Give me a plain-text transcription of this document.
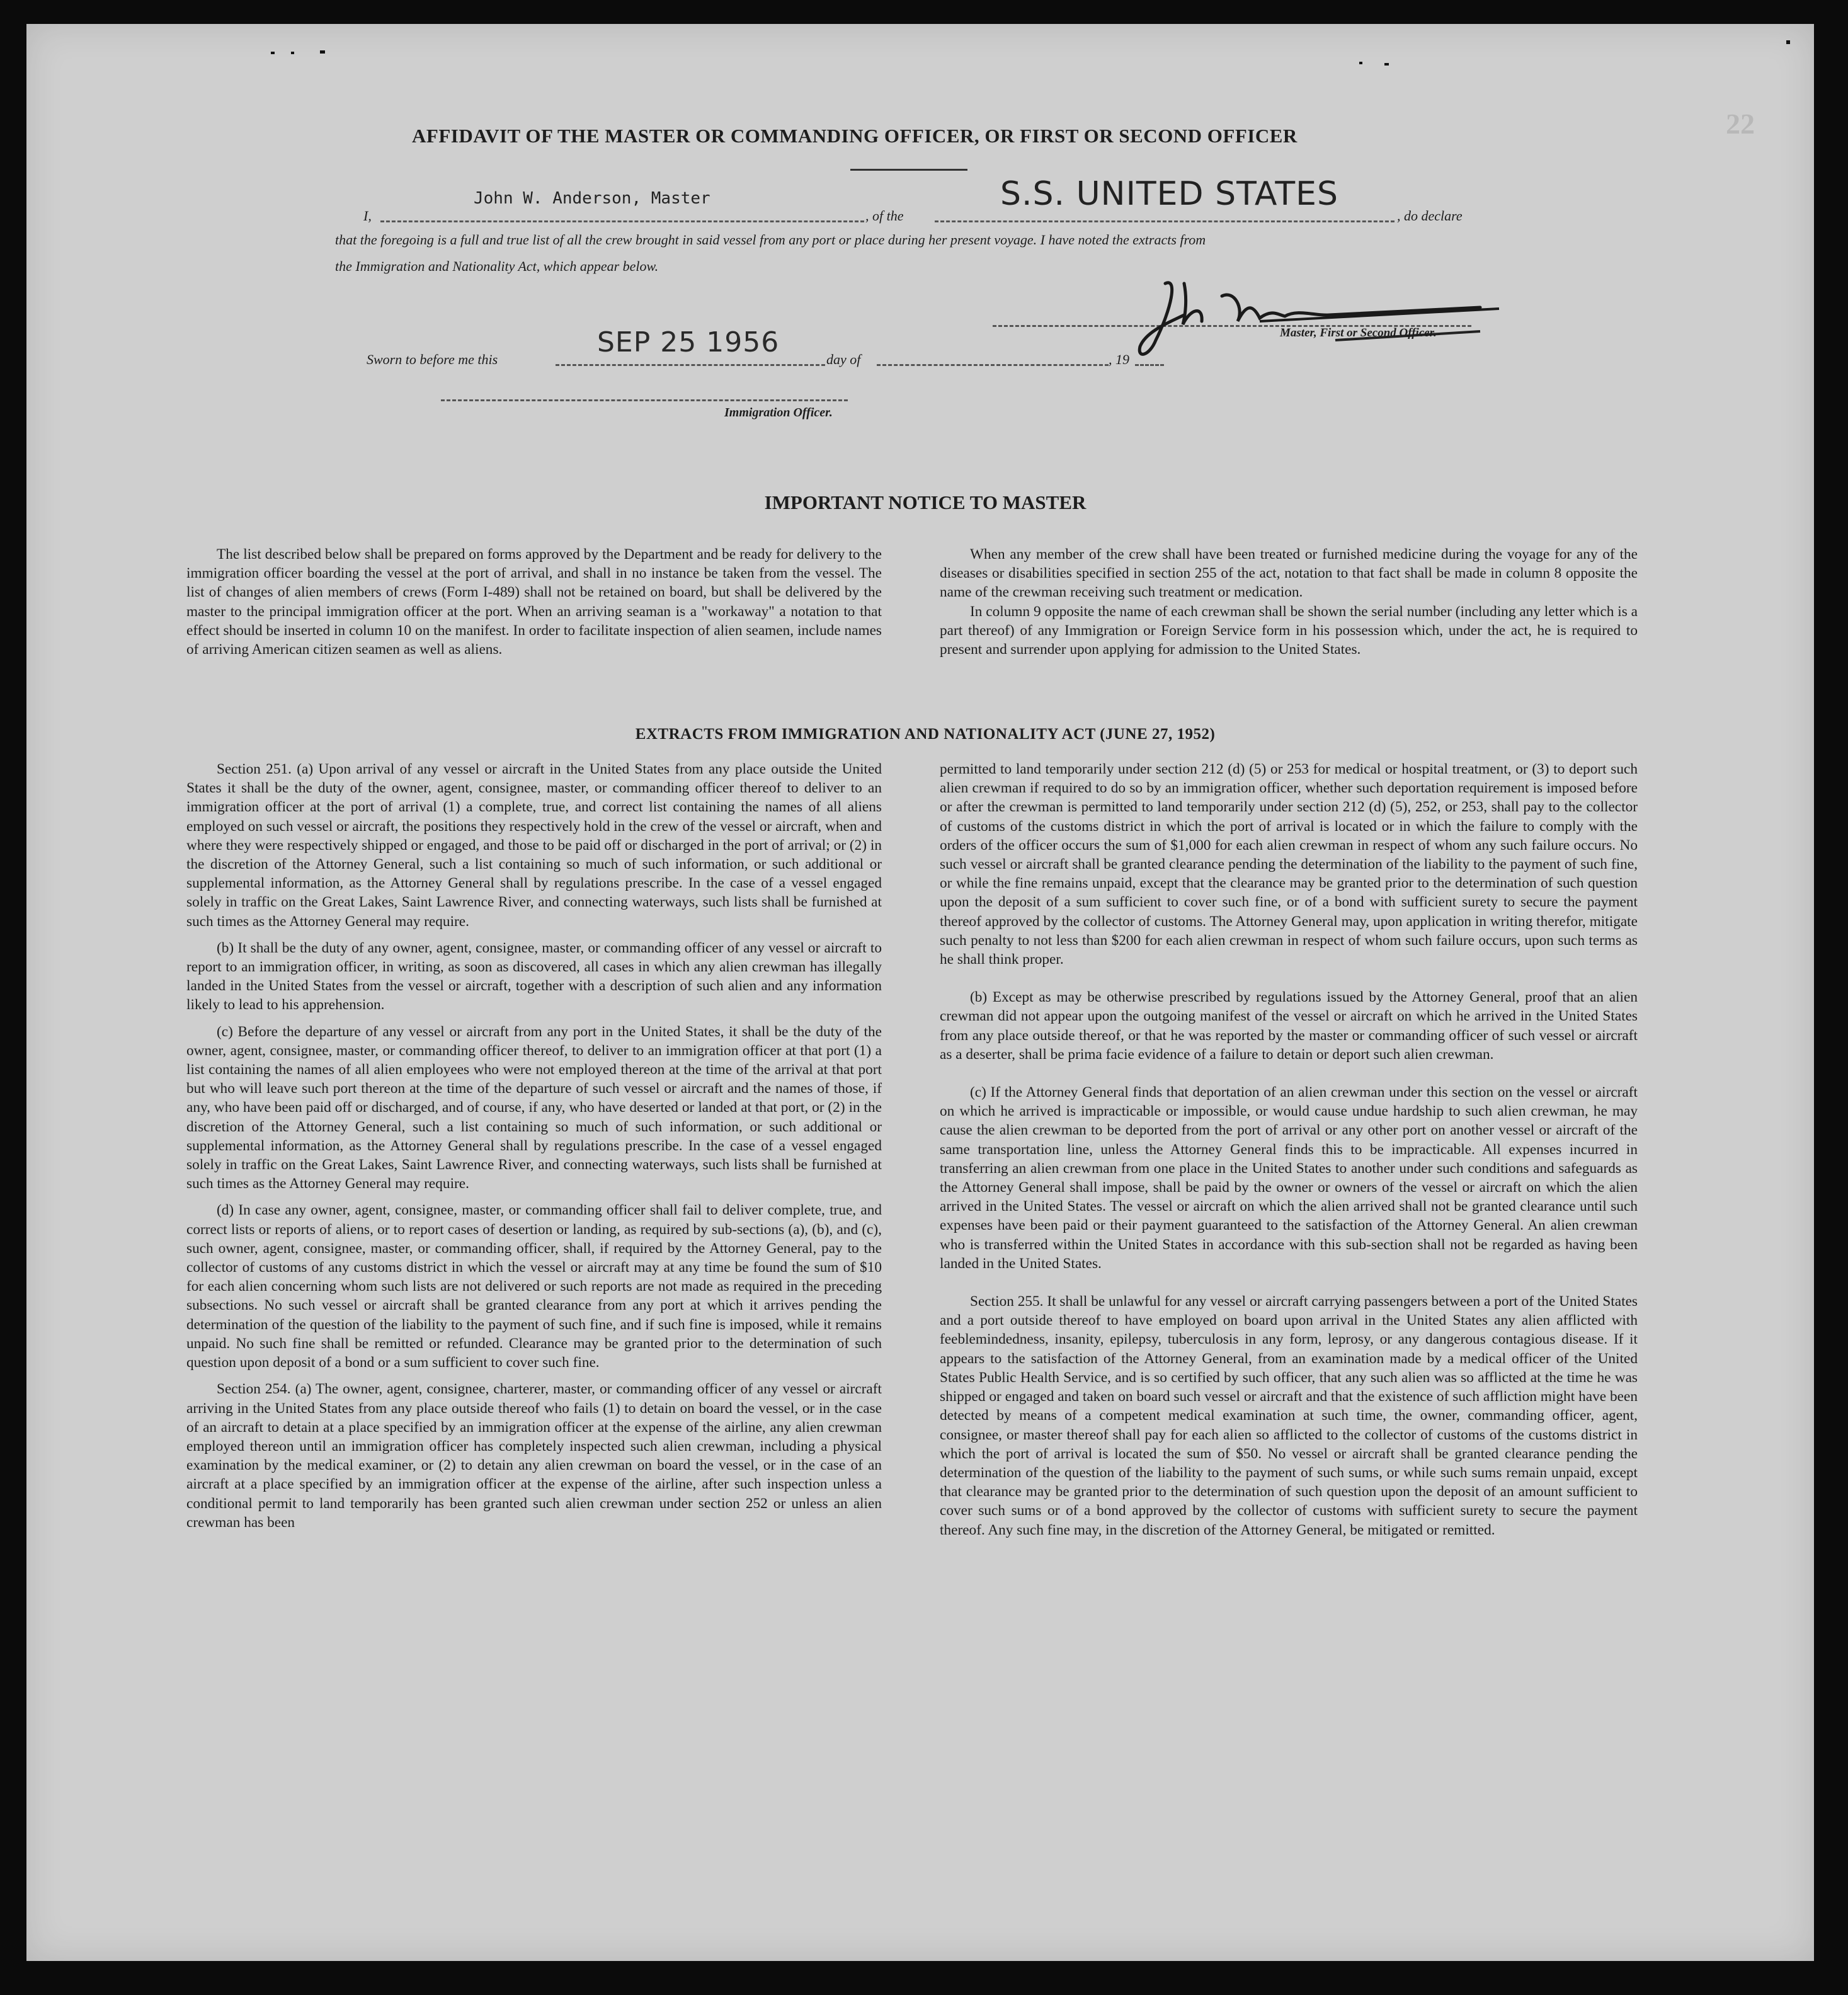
22
AFFIDAVIT OF THE MASTER OR COMMANDING OFFICER, OR FIRST OR SECOND OFFICER
I,
John W. Anderson, Master
, of the
S.S. UNITED STATES
, do declare
that the foregoing is a full and true list of all the crew brought in said vessel from any port or place during her present voyage. I have noted the extracts from
the Immigration and Nationality Act, which appear below.
Master, First or Second Officer.
Sworn to before me this
SEP 25 1956
day of	, 19
Immigration Officer.
IMPORTANT NOTICE TO MASTER

The list described below shall be prepared on forms approved by the Department and be ready for delivery to the immigration officer boarding the vessel at the port of arrival, and shall in no instance be taken from the vessel. The list of changes of alien members of crews (Form I-489) shall not be retained on board, but shall be delivered by the master to the principal immigration officer at the port. When an arriving seaman is a "workaway" a notation to that effect should be inserted in column 10 on the manifest. In order to facilitate inspection of alien seamen, include names of arriving American citizen seamen as well as aliens.

When any member of the crew shall have been treated or furnished medicine during the voyage for any of the diseases or disabilities specified in section 255 of the act, notation to that fact shall be made in column 8 opposite the name of the crewman receiving such treatment or medication.

In column 9 opposite the name of each crewman shall be shown the serial number (including any letter which is a part thereof) of any Immigration or Foreign Service form in his possession which, under the act, he is required to present and surrender upon applying for admission to the United States.

EXTRACTS FROM IMMIGRATION AND NATIONALITY ACT (JUNE 27, 1952)

Section 251. (a) Upon arrival of any vessel or aircraft in the United States from any place outside the United States it shall be the duty of the owner, agent, consignee, master, or commanding officer thereof to deliver to an immigration officer at the port of arrival (1) a complete, true, and correct list containing the names of all aliens employed on such vessel or aircraft, the positions they respectively hold in the crew of the vessel or aircraft, when and where they were respectively shipped or engaged, and those to be paid off or discharged in the port of arrival; or (2) in the discretion of the Attorney General, such a list containing so much of such information, or such additional or supplemental information, as the Attorney General shall by regulations prescribe. In the case of a vessel engaged solely in traffic on the Great Lakes, Saint Lawrence River, and connecting waterways, such lists shall be furnished at such times as the Attorney General may require.

(b) It shall be the duty of any owner, agent, consignee, master, or commanding officer of any vessel or aircraft to report to an immigration officer, in writing, as soon as discovered, all cases in which any alien crewman has illegally landed in the United States from the vessel or aircraft, together with a description of such alien and any information likely to lead to his apprehension.

(c) Before the departure of any vessel or aircraft from any port in the United States, it shall be the duty of the owner, agent, consignee, master, or commanding officer thereof, to deliver to an immigration officer at that port (1) a list containing the names of all alien employees who were not employed thereon at the time of the arrival at that port but who will leave such port thereon at the time of the departure of such vessel or aircraft and the names of those, if any, who have been paid off or discharged, and of course, if any, who have deserted or landed at that port, or (2) in the discretion of the Attorney General, such a list containing so much of such information, or such additional or supplemental information, as the Attorney General shall by regulations prescribe. In the case of a vessel engaged solely in traffic on the Great Lakes, Saint Lawrence River, and connecting waterways, such lists shall be furnished at such times as the Attorney General may require.

(d) In case any owner, agent, consignee, master, or commanding officer shall fail to deliver complete, true, and correct lists or reports of aliens, or to report cases of desertion or landing, as required by sub-sections (a), (b), and (c), such owner, agent, consignee, master, or commanding officer, shall, if required by the Attorney General, pay to the collector of customs of any customs district in which the vessel or aircraft may at any time be found the sum of $10 for each alien concerning whom such lists are not delivered or such reports are not made as required in the preceding subsections. No such vessel or aircraft shall be granted clearance from any port at which it arrives pending the determination of the question of the liability to the payment of such fine, and if such fine is imposed, while it remains unpaid. No such fine shall be remitted or refunded. Clearance may be granted prior to the determination of such question upon deposit of a bond or a sum sufficient to cover such fine.

Section 254. (a) The owner, agent, consignee, charterer, master, or commanding officer of any vessel or aircraft arriving in the United States from any place outside thereof who fails (1) to detain on board the vessel, or in the case of an aircraft to detain at a place specified by an immigration officer at the expense of the airline, any alien crewman employed thereon until an immigration officer has completely inspected such alien crewman, including a physical examination by the medical examiner, or (2) to detain any alien crewman on board the vessel, or in the case of an aircraft at a place specified by an immigration officer at the expense of the airline, after such inspection unless a conditional permit to land temporarily has been granted such alien crewman under section 252 or unless an alien crewman has been

permitted to land temporarily under section 212 (d) (5) or 253 for medical or hospital treatment, or (3) to deport such alien crewman if required to do so by an immigration officer, whether such deportation requirement is imposed before or after the crewman is permitted to land temporarily under section 212 (d) (5), 252, or 253, shall pay to the collector of customs of the customs district in which the port of arrival is located or in which the failure to comply with the orders of the officer occurs the sum of $1,000 for each alien crewman in respect of whom any such failure occurs. No such vessel or aircraft shall be granted clearance pending the determination of the liability to the payment of such fine, or while the fine remains unpaid, except that the clearance may be granted prior to the determination of such question upon the deposit of a sum sufficient to cover such fine, or of a bond with sufficient surety to secure the payment thereof approved by the collector of customs. The Attorney General may, upon application in writing therefor, mitigate such penalty to not less than $200 for each alien crewman in respect of whom such failure occurs, upon such terms as he shall think proper.

(b) Except as may be otherwise prescribed by regulations issued by the Attorney General, proof that an alien crewman did not appear upon the outgoing manifest of the vessel or aircraft on which he arrived in the United States from any place outside thereof, or that he was reported by the master or commanding officer of such vessel or aircraft as a deserter, shall be prima facie evidence of a failure to detain or deport such alien crewman.

(c) If the Attorney General finds that deportation of an alien crewman under this section on the vessel or aircraft on which he arrived is impracticable or impossible, or would cause undue hardship to such alien crewman, he may cause the alien crewman to be deported from the port of arrival or any other port on another vessel or aircraft of the same transportation line, unless the Attorney General finds this to be impracticable. All expenses incurred in transferring an alien crewman from one place in the United States to another under such conditions and safeguards as the Attorney General shall impose, shall be paid by the owner or owners of the vessel or aircraft on which the alien arrived in the United States. The vessel or aircraft on which the alien arrived shall not be granted clearance until such expenses have been paid or their payment guaranteed to the satisfaction of the Attorney General. An alien crewman who is transferred within the United States in accordance with this sub-section shall not be regarded as having been landed in the United States.

Section 255. It shall be unlawful for any vessel or aircraft carrying passengers between a port of the United States and a port outside thereof to have employed on board upon arrival in the United States any alien afflicted with feeblemindedness, insanity, epilepsy, tuberculosis in any form, leprosy, or any dangerous contagious disease. If it appears to the satisfaction of the Attorney General, from an examination made by a medical officer of the United States Public Health Service, and is so certified by such officer, that any such alien was so afflicted at the time he was shipped or engaged and taken on board such vessel or aircraft and that the existence of such affliction might have been detected by means of a competent medical examination at such time, the owner, commanding officer, agent, consignee, or master thereof shall pay for each alien so afflicted to the collector of customs of the customs district in which the port of arrival is located the sum of $50. No vessel or aircraft shall be granted clearance pending the determination of the question of the liability to the payment of such sums, or while such sums remain unpaid, except that clearance may be granted prior to the determination of such question upon the deposit of an amount sufficient to cover such sums or of a bond approved by the collector of customs with sufficient surety to secure the payment thereof. Any such fine may, in the discretion of the Attorney General, be mitigated or remitted.
